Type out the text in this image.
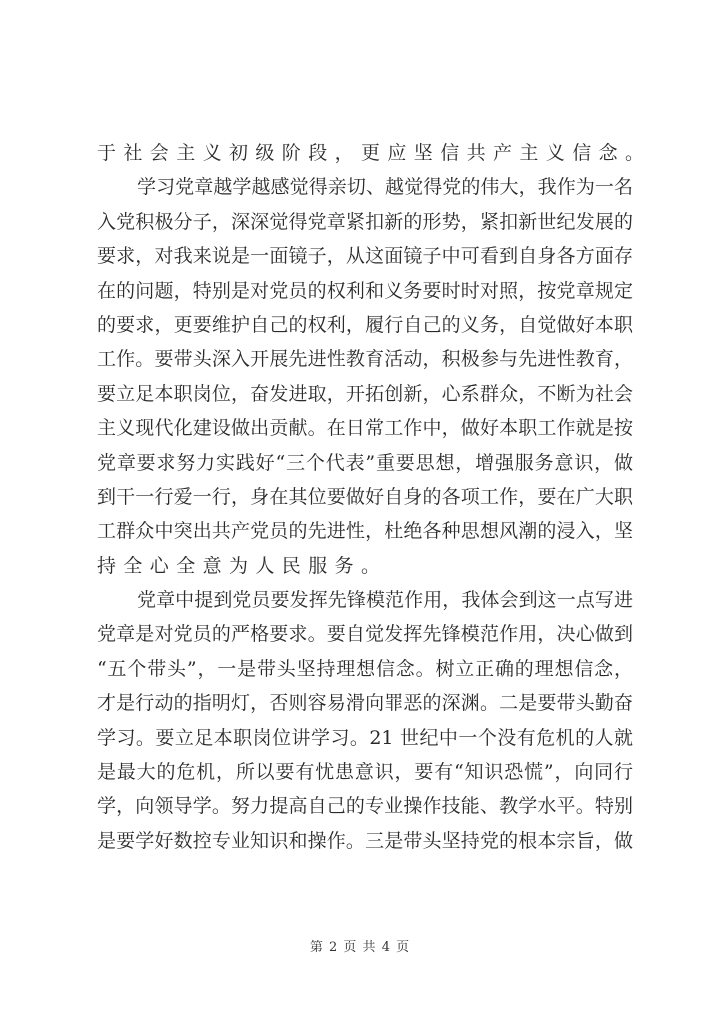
于社会主义初级阶段，更应坚信共产主义信念。
学习党章越学越感觉得亲切、越觉得党的伟大，我作为一名
入党积极分子，深深觉得党章紧扣新的形势，紧扣新世纪发展的
要求，对我来说是一面镜子，从这面镜子中可看到自身各方面存
在的问题，特别是对党员的权利和义务要时时对照，按党章规定
的要求，更要维护自己的权利，履行自己的义务，自觉做好本职
工作。要带头深入开展先进性教育活动，积极参与先进性教育，
要立足本职岗位，奋发进取，开拓创新，心系群众，不断为社会
主义现代化建设做出贡献。在日常工作中，做好本职工作就是按
党章要求努力实践好“三个代表”重要思想，增强服务意识，做
到干一行爱一行，身在其位要做好自身的各项工作，要在广大职
工群众中突出共产党员的先进性，杜绝各种思想风潮的浸入，坚
持全心全意为人民服务。
党章中提到党员要发挥先锋模范作用，我体会到这一点写进
党章是对党员的严格要求。要自觉发挥先锋模范作用，决心做到
“五个带头”，一是带头坚持理想信念。树立正确的理想信念，
才是行动的指明灯，否则容易滑向罪恶的深渊。二是要带头勤奋
学习。要立足本职岗位讲学习。21 世纪中一个没有危机的人就
是最大的危机，所以要有忧患意识，要有“知识恐慌”，向同行
学，向领导学。努力提高自己的专业操作技能、教学水平。特别
是要学好数控专业知识和操作。三是带头坚持党的根本宗旨，做
第 2 页 共 4 页
